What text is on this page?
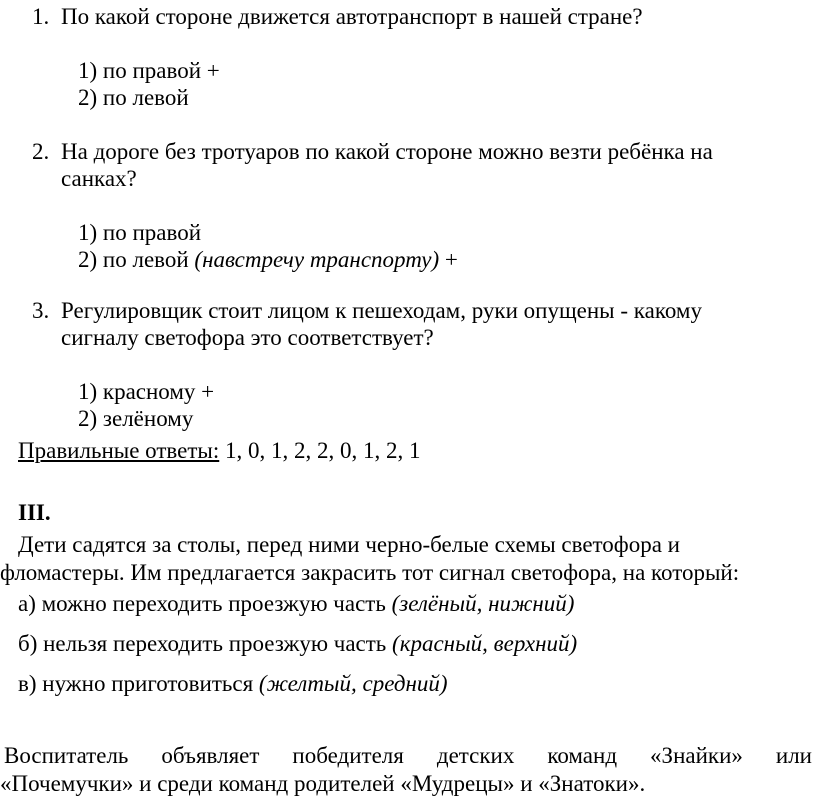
1. По какой стороне движется автотранспорт в нашей стране?
1) по правой +
2) по левой
2. На дороге без тротуаров по какой стороне можно везти ребёнка на
санках?
1) по правой
2) по левой (навстречу транспорту) +
3. Регулировщик стоит лицом к пешеходам, руки опущены - какому
сигналу светофора это соответствует?
1) красному +
2) зелёному
Правильные ответы: 1, 0, 1, 2, 2, 0, 1, 2, 1
III.
Дети садятся за столы, перед ними черно-белые схемы светофора и
фломастеры. Им предлагается закрасить тот сигнал светофора, на который:
а) можно переходить проезжую часть (зелёный, нижний)
б) нельзя переходить проезжую часть (красный, верхний)
в) нужно приготовиться (желтый, средний)
Воспитатель объявляет победителя детских команд «Знайки» или
«Почемучки» и среди команд родителей «Мудрецы» и «Знатоки».
